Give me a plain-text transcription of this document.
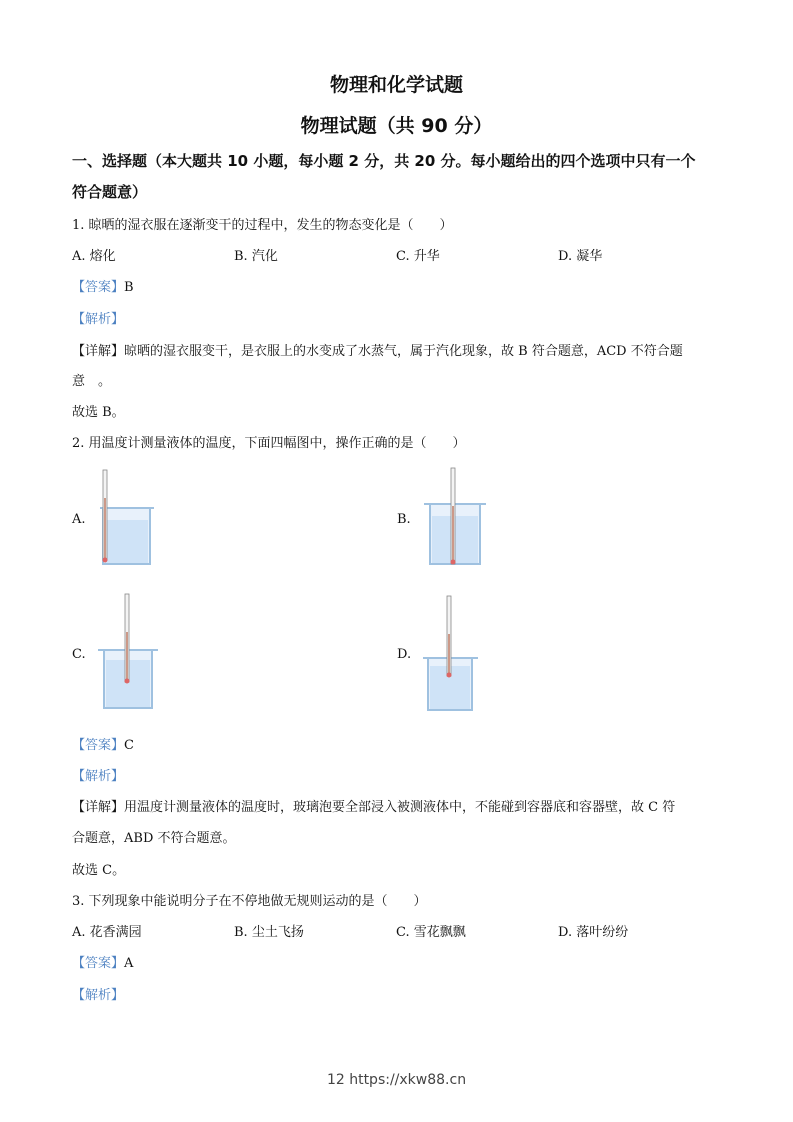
物理和化学试题
物理试题（共 90 分）
一、选择题（本大题共 10 小题，每小题 2 分，共 20 分。每小题给出的四个选项中只有一个
符合题意）
1. 晾晒的湿衣服在逐渐变干的过程中，发生的物态变化是（　　）
A. 熔化	B. 汽化	C. 升华	D. 凝华
【答案】B
【解析】
【详解】晾晒的湿衣服变干，是衣服上的水变成了水蒸气，属于汽化现象，故 B 符合题意，ACD 不符合题
意　。
故选 B。
2. 用温度计测量液体的温度，下面四幅图中，操作正确的是（　　）
A.	B.
C.	D.
【答案】C
【解析】
【详解】用温度计测量液体的温度时，玻璃泡要全部浸入被测液体中，不能碰到容器底和容器壁，故 C 符
合题意，ABD 不符合题意。
故选 C。
3. 下列现象中能说明分子在不停地做无规则运动的是（　　）
A. 花香满园	B. 尘土飞扬	C. 雪花飘飘	D. 落叶纷纷
【答案】A
【解析】
12 https://xkw88.cn
